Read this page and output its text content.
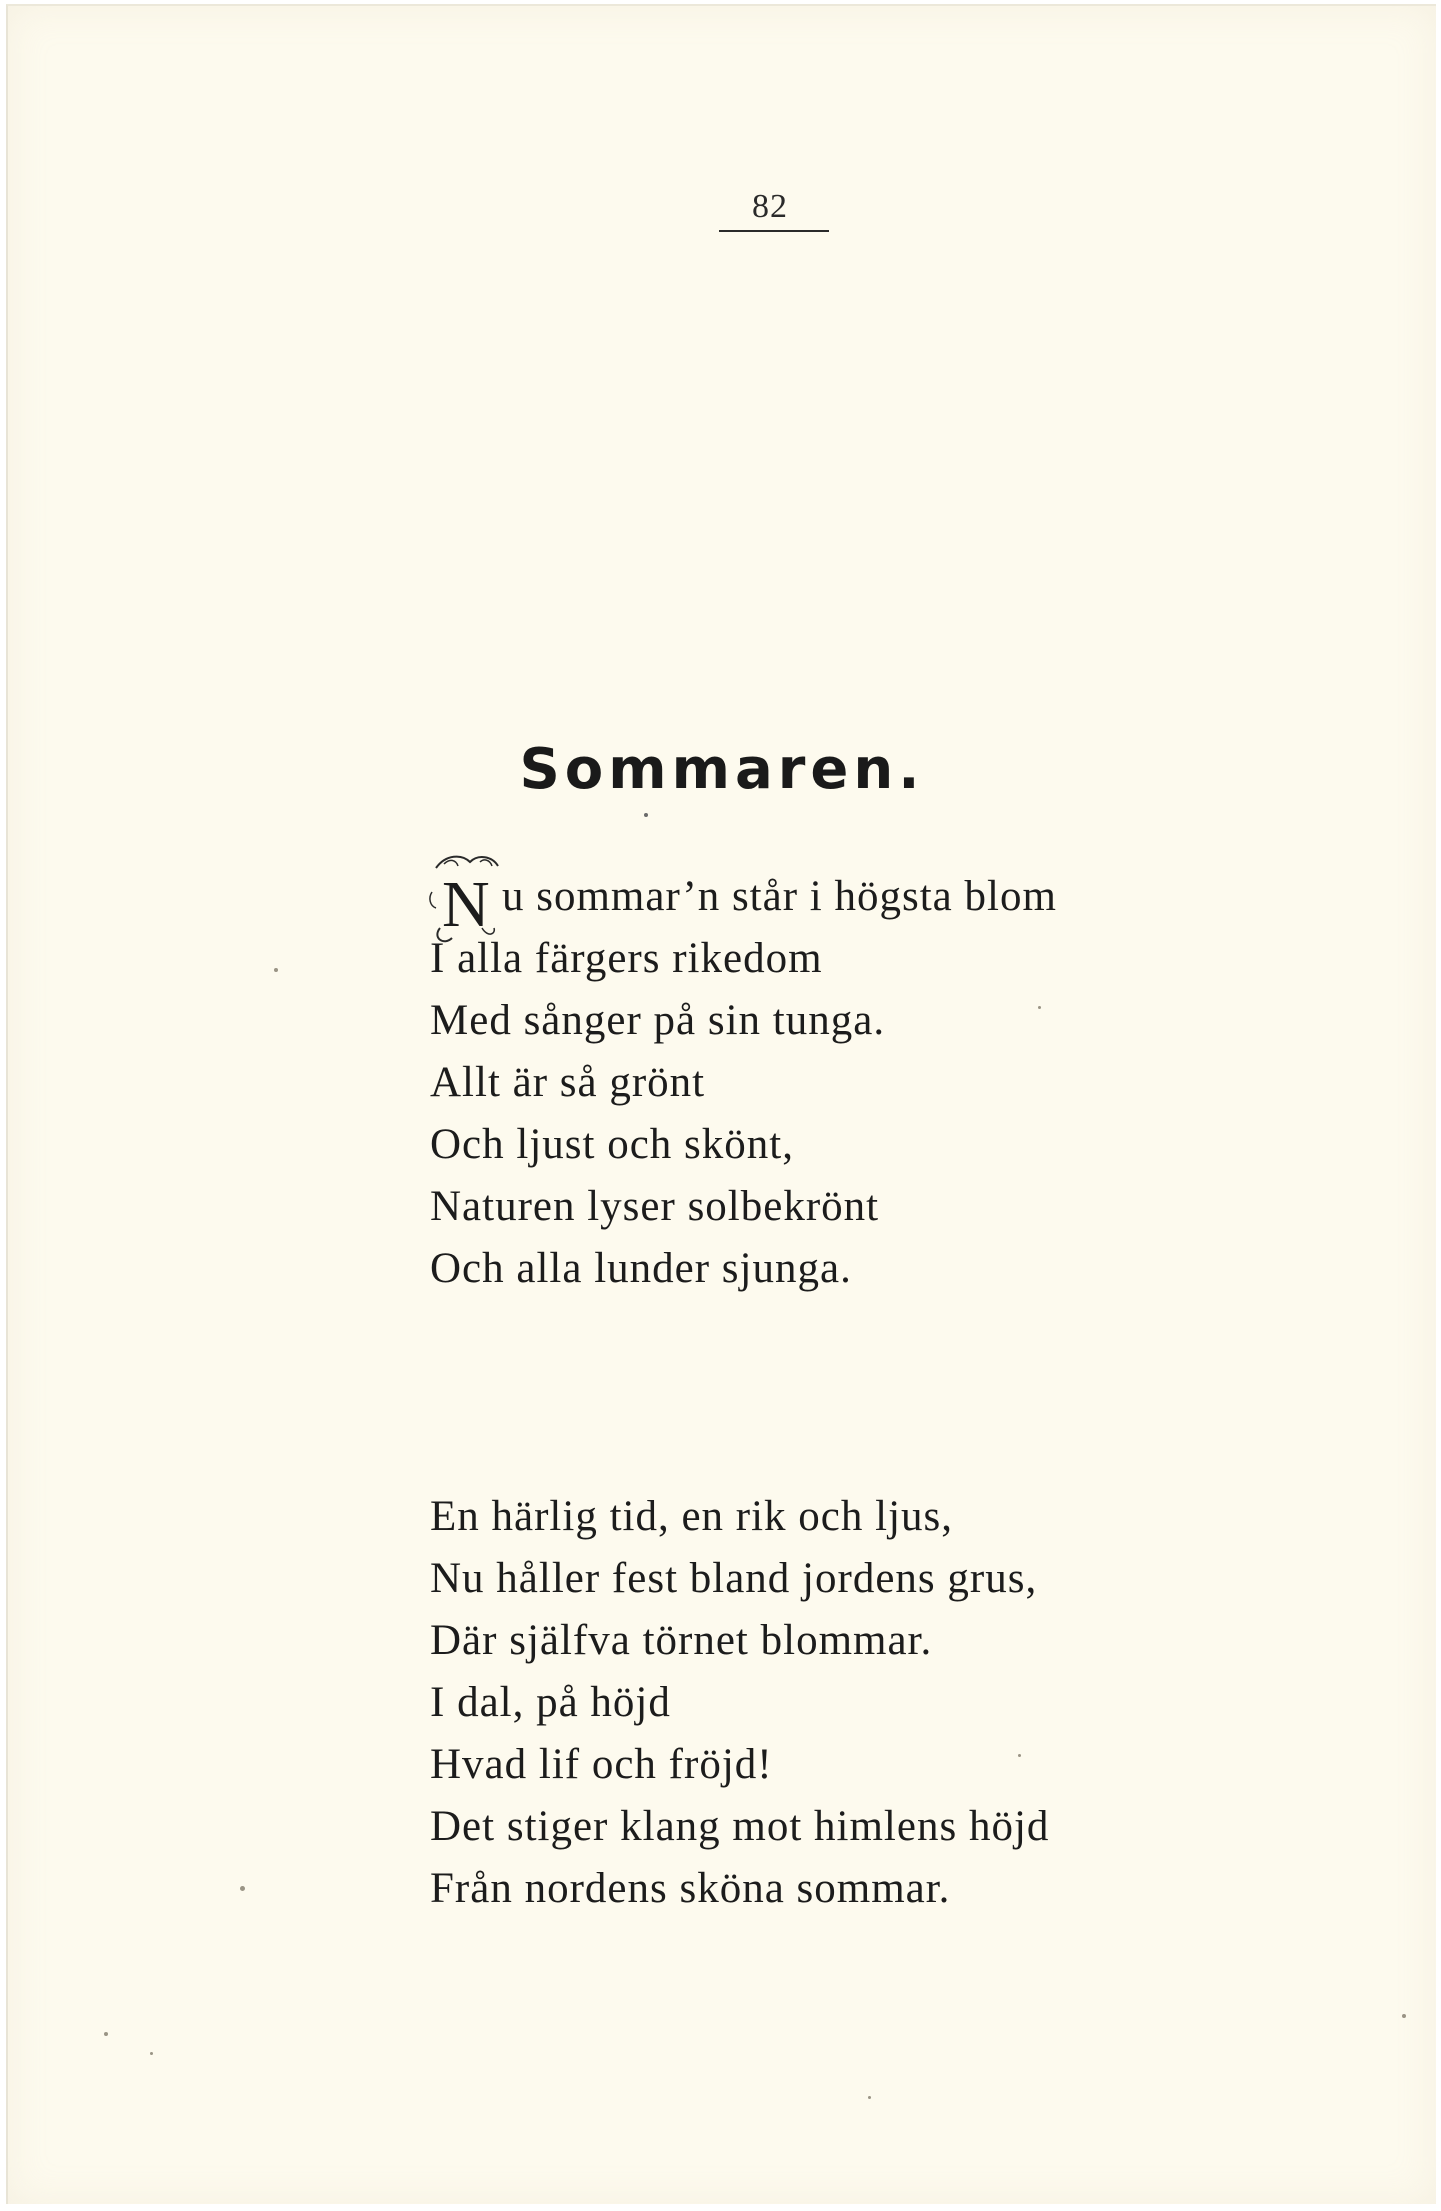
82
Sommaren.
N u sommar’n står i högsta blom
I alla färgers rikedom
Med sånger på sin tunga.
Allt är så grönt
Och ljust och skönt,
Naturen lyser solbekrönt
Och alla lunder sjunga.
En härlig tid, en rik och ljus,
Nu håller fest bland jordens grus,
Där själfva törnet blommar.
I dal, på höjd
Hvad lif och fröjd!
Det stiger klang mot himlens höjd
Från nordens sköna sommar.
